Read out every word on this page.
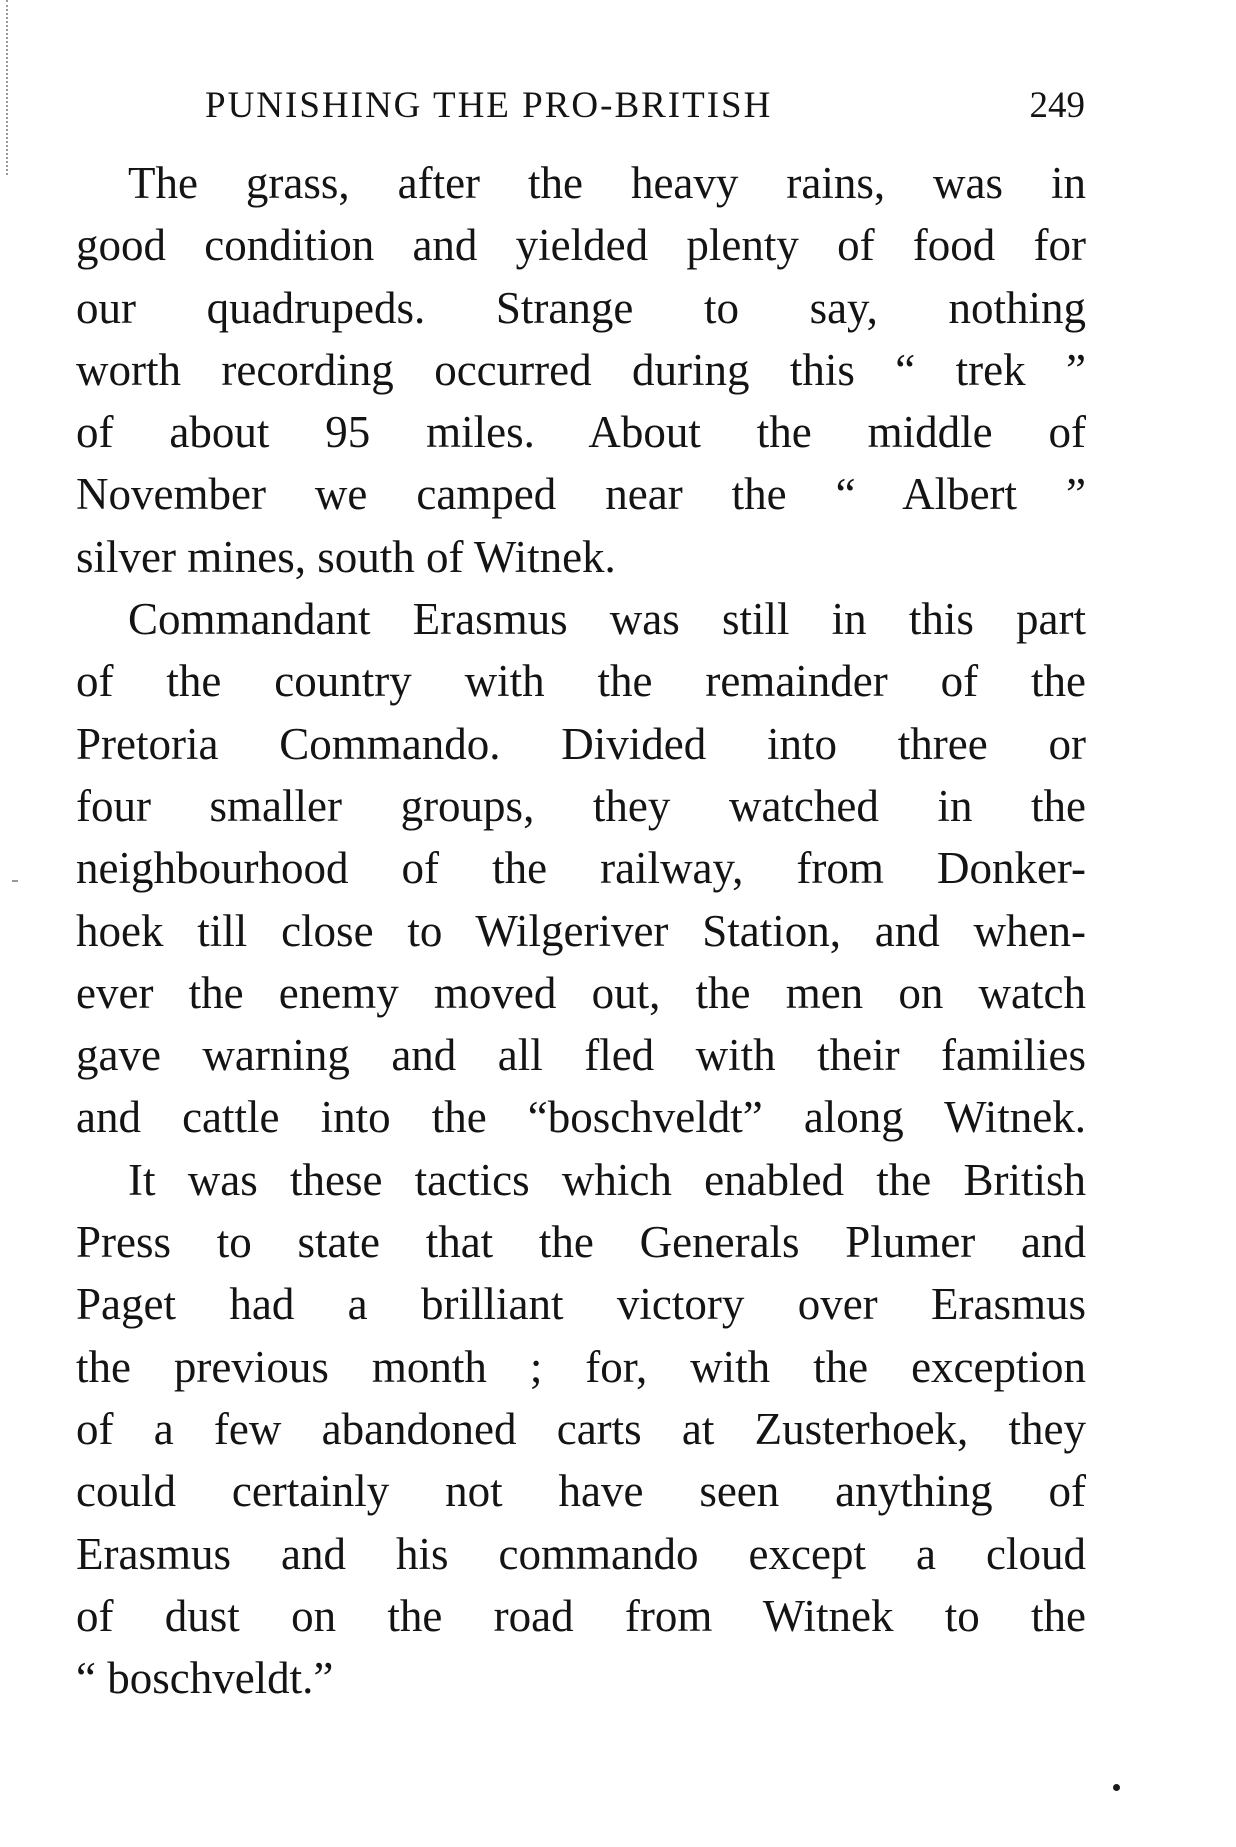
PUNISHING THE PRO-BRITISH	249
The grass, after the heavy rains, was in
good condition and yielded plenty of food for
our quadrupeds. Strange to say, nothing
worth recording occurred during this “ trek ”
of about 95 miles. About the middle of
November we camped near the “ Albert ”
silver mines, south of Witnek.
Commandant Erasmus was still in this part
of the country with the remainder of the
Pretoria Commando. Divided into three or
four smaller groups, they watched in the
neighbourhood of the railway, from Donker-
hoek till close to Wilgeriver Station, and when-
ever the enemy moved out, the men on watch
gave warning and all fled with their families
and cattle into the “boschveldt” along Witnek.
It was these tactics which enabled the British
Press to state that the Generals Plumer and
Paget had a brilliant victory over Erasmus
the previous month ; for, with the exception
of a few abandoned carts at Zusterhoek, they
could certainly not have seen anything of
Erasmus and his commando except a cloud
of dust on the road from Witnek to the
“ boschveldt.”
